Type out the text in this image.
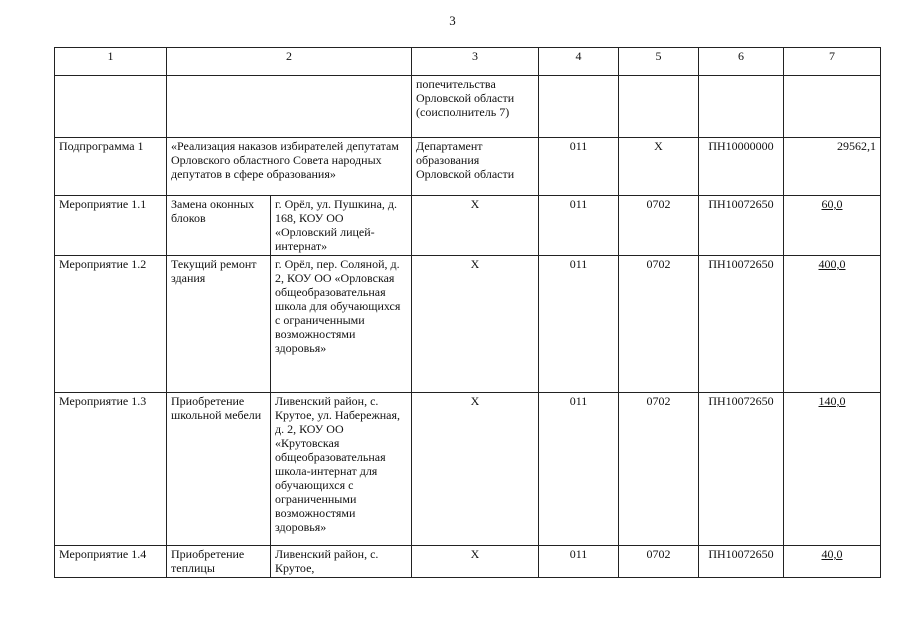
3
1	2		3	4	5	6	7
			попечительства Орловской области (соисполнитель 7)				
Подпрограмма 1	«Реализация наказов избирателей депутатам Орловского областного Совета народных депутатов в сфере образования»		Департамент образования Орловской области	011	Х	ПН10000000	29562,1
Мероприятие 1.1	Замена оконных блоков	г. Орёл, ул. Пушкина, д. 168, КОУ ОО «Орловский лицей-интернат»	Х	011	0702	ПН10072650	60,0
Мероприятие 1.2	Текущий ремонт здания	г. Орёл, пер. Соляной, д. 2, КОУ ОО «Орловская общеобразовательная школа для обучающихся с ограниченными возможностями здоровья»	Х	011	0702	ПН10072650	400,0
Мероприятие 1.3	Приобретение школьной мебели	Ливенский район, с. Крутое, ул. Набережная, д. 2, КОУ ОО «Крутовская общеобразовательная школа-интернат для обучающихся с ограниченными возможностями здоровья»	Х	011	0702	ПН10072650	140,0
Мероприятие 1.4	Приобретение теплицы	Ливенский район, с. Крутое,	Х	011	0702	ПН10072650	40,0
